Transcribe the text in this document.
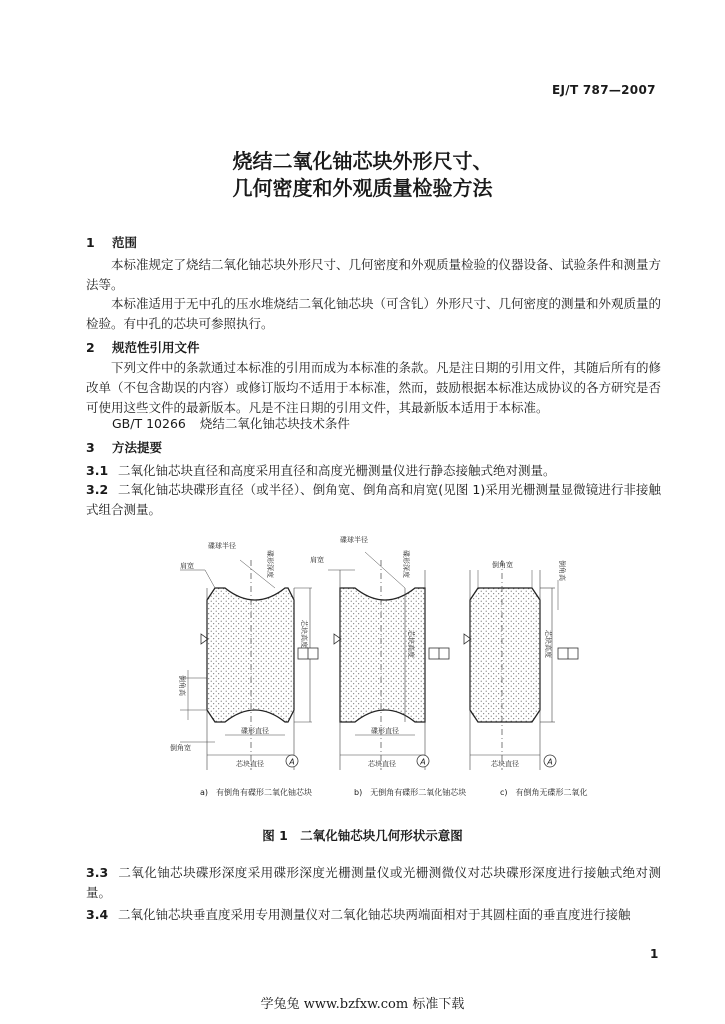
EJ/T 787—2007
烧结二氧化铀芯块外形尺寸、
几何密度和外观质量检验方法
1 范围
本标准规定了烧结二氧化铀芯块外形尺寸、几何密度和外观质量检验的仪器设备、试验条件和测量方法等。
本标准适用于无中孔的压水堆烧结二氧化铀芯块（可含钆）外形尺寸、几何密度的测量和外观质量的检验。有中孔的芯块可参照执行。
2 规范性引用文件
下列文件中的条款通过本标准的引用而成为本标准的条款。凡是注日期的引用文件，其随后所有的修改单（不包含勘误的内容）或修订版均不适用于本标准，然而，鼓励根据本标准达成协议的各方研究是否可使用这些文件的最新版本。凡是不注日期的引用文件，其最新版本适用于本标准。
GB/T 10266 烧结二氧化铀芯块技术条件
3 方法提要
3.1 二氧化铀芯块直径和高度采用直径和高度光栅测量仪进行静态接触式绝对测量。
3.2 二氧化铀芯块碟形直径（或半径）、倒角宽、倒角高和肩宽(见图 1)采用光栅测量显微镜进行非接触式组合测量。
A
碟球半径
肩宽	碟形深度
倒角高
倒角宽
芯块高度
碟形直径
芯块直径	A
碟球半径
肩宽	碟形深度
芯块高度
碟形直径
芯块直径	A
倒角宽	倒角高
芯块高度
芯块直径
a)　有倒角有碟形二氧化铀芯块	b)　无倒角有碟形二氧化铀芯块	c)　有倒角无碟形二氧化
图 1　二氧化铀芯块几何形状示意图
3.3 二氧化铀芯块碟形深度采用碟形深度光栅测量仪或光栅测微仪对芯块碟形深度进行接触式绝对测量。
3.4 二氧化铀芯块垂直度采用专用测量仪对二氧化铀芯块两端面相对于其圆柱面的垂直度进行接触
1
学兔兔 www.bzfxw.com 标准下载
